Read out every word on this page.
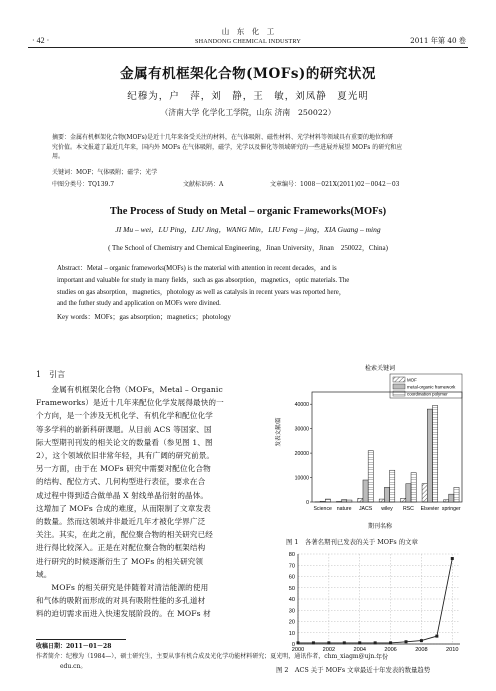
· 42 ·
山　东　化　工
SHANDONG CHEMICAL INDUSTRY	2011 年第 40 卷
金属有机框架化合物(MOFs)的研究状况
纪穆为，户　萍，刘　静，王　敏，刘凤静　夏光明
（济南大学 化学化工学院，山东 济南　250022）
摘要：金属有机框架化合物(MOFs)是近十几年来备受关注的材料，在气体吸附、磁性材料、光学材料等领域具有重要的地位和研
究价值。本文报道了最近几年来，国内外 MOFs 在气体吸附，磁学，光学以及催化等领域研究的一些进展并展望 MOFs 的研究和应
用。
关键词：MOF；气体吸附；磁学；光学
中图分类号：TQ139.7	文献标识码：A	文章编号：1008－021X(2011)02－0042－03
The Process of Study on Metal – organic Frameworks(MOFs)
JI Mu – wei，LU Ping，LIU Jing，WANG Min，LIU Feng – jing，XIA Guang – ming
( The School of Chemistry and Chemical Engineering，Jinan University，Jinan　250022，China)
Abstract：Metal – organic frameworks(MOFs) is the material with attention in recent decades，and is
important and valuable for study in many fields，such as gas absorption，magnetics，optic materials. The
studies on gas absorption，magnetics，photology as well as catalysis in recent years was reported here，
and the futher study and application on MOFs were divined.
Key words：MOFs；gas absorption；magnetics；photology
1　引言
　　金属有机框架化合物（MOFs，Metal – Organic
Frameworks）是近十几年来配位化学发展得最快的一
个方向，是一个涉及无机化学、有机化学和配位化学
等多学科的崭新科研课题。从目前 ACS 等国家、国
际大型期刊刊发的相关论文的数量看（参见图 1、图
2），这个领域依旧非常年轻，具有广阔的研究前景。
另一方面，由于在 MOFs 研究中需要对配位化合物
的结构、配位方式、几何构型进行表征，要求在合
成过程中得到适合做单晶 X 射线单晶衍射的晶体。
这增加了 MOFs 合成的难度，从而限制了文章发表
的数量。然而这领域并非最近几年才被化学界广泛
关注。其实，在此之前，配位聚合物的相关研究已经
进行得比较深入。正是在对配位聚合物的框架结构
进行研究的时候逐渐衍生了 MOFs 的相关研究领
域。
　　MOFs 的相关研究是伴随着对清洁能源的使用
和气体的吸附而形成的对具有吸附性能的多孔道材
料的迫切需求而进入快速发展阶段的。在 MOFs 材
检索关键词
MOF
metal-organic framework
coordination polymer
发表文献/篇
0
10000
20000
30000
40000
Science nature JACS wiley RSC Elsevier springer
期刊名称
图 1　各著名期刊已发表的关于 MOFs 的文章
0
10
20
30
40
50
60
70
80
2000	2002	2004	2006	2008	2010
年份
图 2　ACS 关于 MOFs 文章最近十年发表的数量趋势
收稿日期：2011－01－28
作者简介：纪穆为（1984—），硕士研究生，主要从事有机合成及光化学功能材料研究；夏光明，通讯作者，chm_xiagm@ujn.
edu.cn。
